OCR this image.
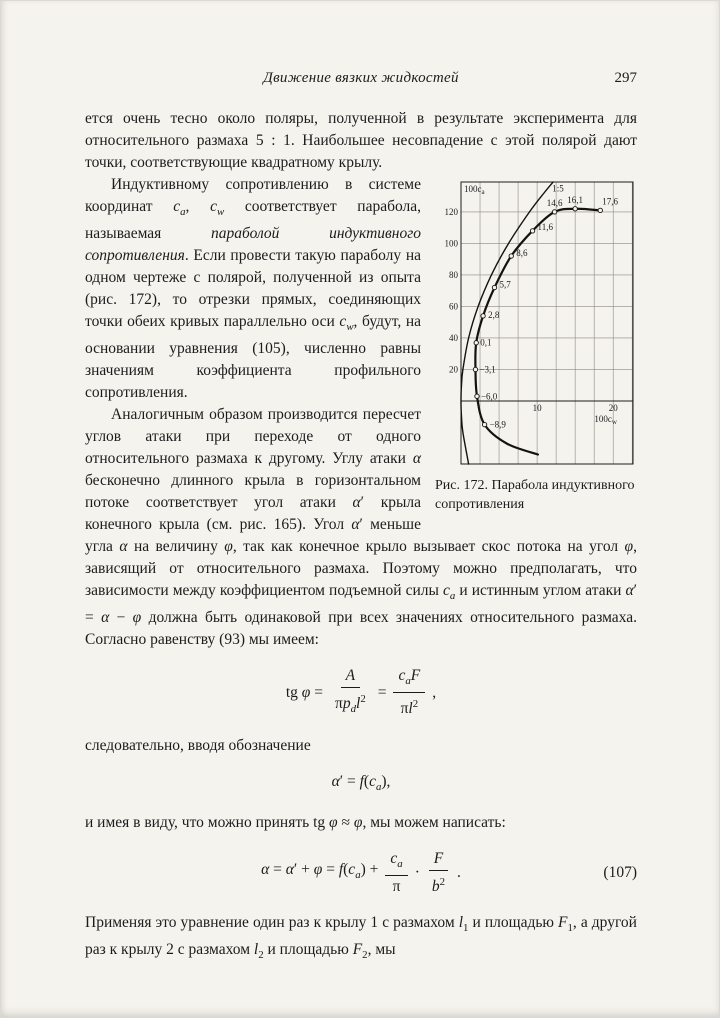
Движение вязких жидкостей	297

ется очень тесно около поляры, полученной в результате эксперимента для относительного размаха 5 : 1. Наибольшее несовпадение с этой полярой дают точки, соответствующие квадратному крылу.

20
40
60
80
100
120
10	20
$100c_a$
$100c_w$
1:5
−8,9
−6,0
−3,1
0,1
2,8
5,7
8,6
11,6
14,6 16,1 17,6
Рис. 172. Парабола индуктивного сопротивления

Индуктивному сопротивлению в системе координат $c_a$, $c_w$ соответствует парабола, называемая параболой индуктивного сопротивления. Если провести такую параболу на одном чертеже с полярой, полученной из опыта (рис. 172), то отрезки прямых, соединяющих точки обеих кривых параллельно оси $c_w$, будут, на основании уравнения (105), численно равны значениям коэффициента профильного сопротивления.

Аналогичным образом производится пересчет углов атаки при переходе от одного относительного размаха к другому. Углу атаки α бесконечно длинного крыла в горизонтальном потоке соответствует угол атаки α′ крыла конечного крыла (см. рис. 165). Угол α′ меньше угла α на величину φ, так как конечное крыло вызывает скос потока на угол φ, зависящий от относительного размаха. Поэтому можно предполагать, что зависимости между коэффициентом подъемной силы $c_a$ и истинным углом атаки α′ = α − φ должна быть одинаковой при всех значениях относительного размаха. Согласно равенству (93) мы имеем:

tg $\varphi = \frac{A}{\pi p_dl^2} = \frac{c_aF}{\pi l^2}$ ,

следовательно, вводя обозначение

$\alpha' = f(c_a)$,

и имея в виду, что можно принять tg φ ≈ φ, мы можем написать:

$\alpha = \alpha' + \varphi = f(c_a) + \frac{c_a}{\pi} \cdot \frac{F}{b^2}$ .	(107)

Применяя это уравнение один раз к крылу 1 с размахом $l_1$ и площадью $F_1$, а другой раз к крылу 2 с размахом $l_2$ и площадью $F_2$, мы
